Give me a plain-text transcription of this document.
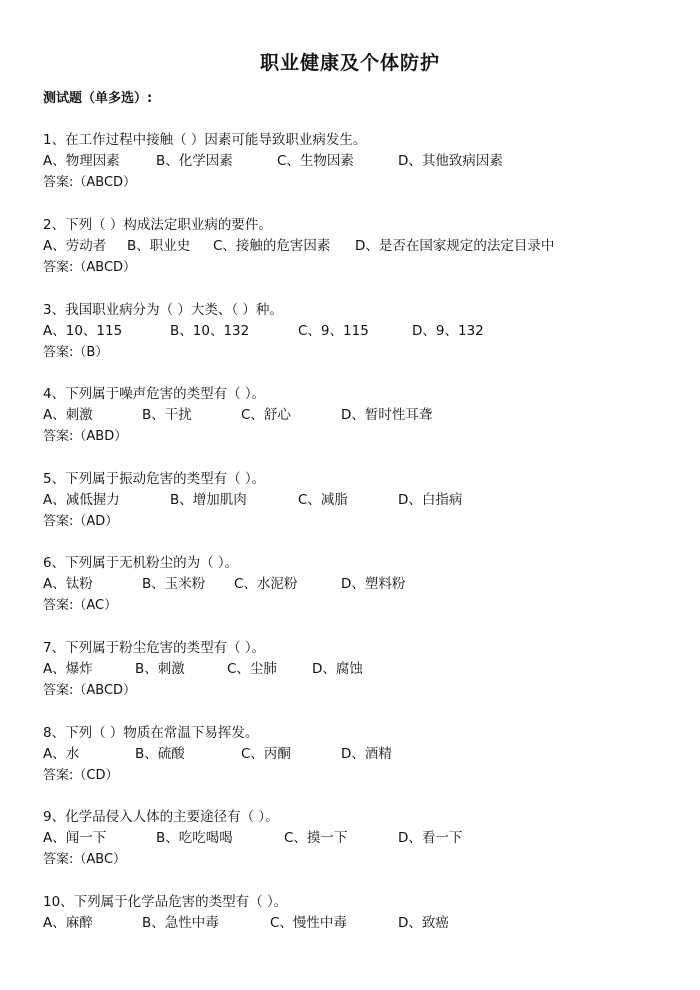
职业健康及个体防护
测试题（单多选）:
1、在工作过程中接触（ ）因素可能导致职业病发生。
A、物理因素	B、化学因素	C、生物因素	D、其他致病因素
答案:（ABCD）
2、下列（ ）构成法定职业病的要件。
A、劳动者 B、职业史 C、接触的危害因素 D、是否在国家规定的法定目录中
答案:（ABCD）
3、我国职业病分为（ ）大类、（ ）种。
A、10、115	B、10、132	C、9、115	D、9、132
答案:（B）
4、下列属于噪声危害的类型有（ ）。
A、刺激	B、干扰	C、舒心	D、暂时性耳聋
答案:（ABD）
5、下列属于振动危害的类型有（ ）。
A、减低握力	B、增加肌肉	C、减脂	D、白指病
答案:（AD）
6、下列属于无机粉尘的为（ ）。
A、钛粉	B、玉米粉 C、水泥粉	D、塑料粉
答案:（AC）
7、下列属于粉尘危害的类型有（ ）。
A、爆炸	B、刺激	C、尘肺	D、腐蚀
答案:（ABCD）
8、下列（ ）物质在常温下易挥发。
A、水	B、硫酸	C、丙酮	D、酒精
答案:（CD）
9、化学品侵入人体的主要途径有（ ）。
A、闻一下	B、吃吃喝喝	C、摸一下	D、看一下
答案:（ABC）
10、下列属于化学品危害的类型有（ ）。
A、麻醉	B、急性中毒	C、慢性中毒	D、致癌
